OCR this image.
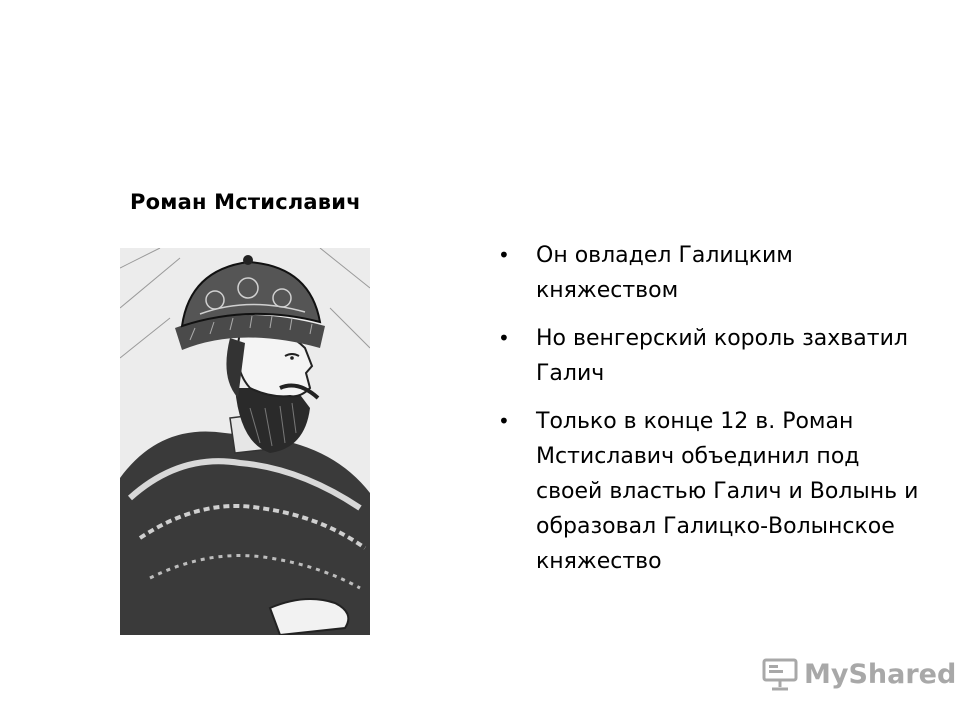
Роман Мстиславич
• Он овладел Галицким княжеством
• Но венгерский король захватил Галич
• Только в конце 12 в. Роман Мстиславич объединил под своей властью Галич и Волынь и образовал Галицко-Волынское княжество
MyShared
